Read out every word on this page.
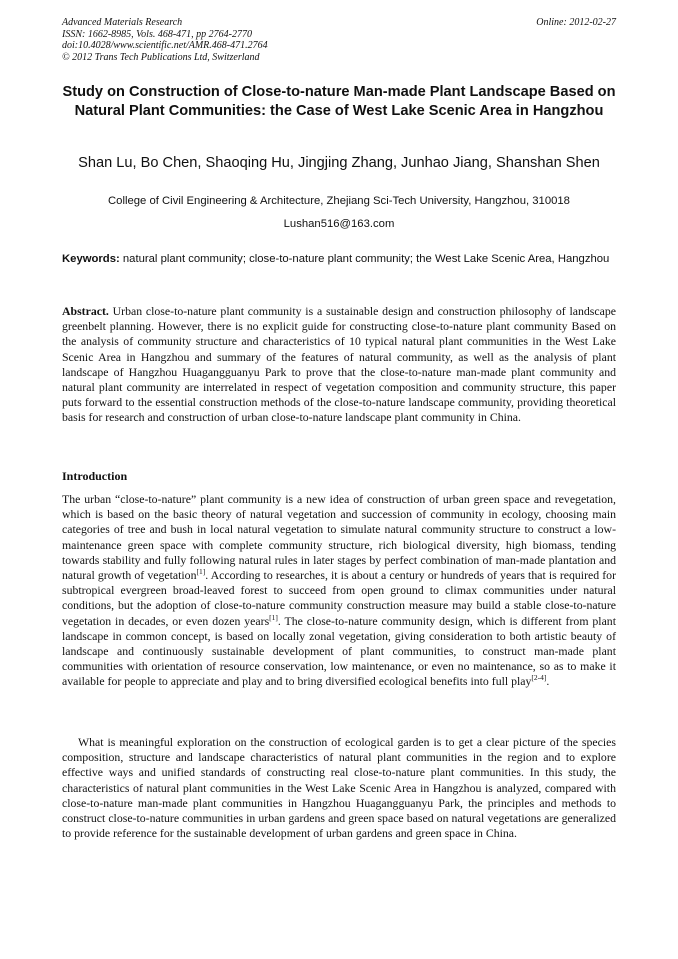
Advanced Materials Research
ISSN: 1662-8985, Vols. 468-471, pp 2764-2770
doi:10.4028/www.scientific.net/AMR.468-471.2764
© 2012 Trans Tech Publications Ltd, Switzerland
Online: 2012-02-27
Study on Construction of Close-to-nature Man-made Plant Landscape Based on Natural Plant Communities: the Case of West Lake Scenic Area in Hangzhou
Shan Lu, Bo Chen, Shaoqing Hu, Jingjing Zhang, Junhao Jiang, Shanshan Shen
College of Civil Engineering & Architecture, Zhejiang Sci-Tech University, Hangzhou, 310018
Lushan516@163.com
Keywords: natural plant community; close-to-nature plant community; the West Lake Scenic Area, Hangzhou
Abstract. Urban close-to-nature plant community is a sustainable design and construction philosophy of landscape greenbelt planning. However, there is no explicit guide for constructing close-to-nature plant community Based on the analysis of community structure and characteristics of 10 typical natural plant communities in the West Lake Scenic Area in Hangzhou and summary of the features of natural community, as well as the analysis of plant landscape of Hangzhou Huagangguanyu Park to prove that the close-to-nature man-made plant community and natural plant community are interrelated in respect of vegetation composition and community structure, this paper puts forward to the essential construction methods of the close-to-nature landscape community, providing theoretical basis for research and construction of urban close-to-nature landscape plant community in China.
Introduction

The urban “close-to-nature” plant community is a new idea of construction of urban green space and revegetation, which is based on the basic theory of natural vegetation and succession of community in ecology, choosing main categories of tree and bush in local natural vegetation to simulate natural community structure to construct a low-maintenance green space with complete community structure, rich biological diversity, high biomass, tending towards stability and fully following natural rules in later stages by perfect combination of man-made plantation and natural growth of vegetation[1]. According to researches, it is about a century or hundreds of years that is required for subtropical evergreen broad-leaved forest to succeed from open ground to climax communities under natural conditions, but the adoption of close-to-nature community construction measure may build a stable close-to-nature vegetation in decades, or even dozen years[1]. The close-to-nature community design, which is different from plant landscape in common concept, is based on locally zonal vegetation, giving consideration to both artistic beauty of landscape and continuously sustainable development of plant communities, to construct man-made plant communities with orientation of resource conservation, low maintenance, or even no maintenance, so as to make it available for people to appreciate and play and to bring diversified ecological benefits into full play[2-4].

What is meaningful exploration on the construction of ecological garden is to get a clear picture of the species composition, structure and landscape characteristics of natural plant communities in the region and to explore effective ways and unified standards of constructing real close-to-nature plant communities. In this study, the characteristics of natural plant communities in the West Lake Scenic Area in Hangzhou is analyzed, compared with close-to-nature man-made plant communities in Hangzhou Huagangguanyu Park, the principles and methods to construct close-to-nature communities in urban gardens and green space based on natural vegetations are generalized to provide reference for the sustainable development of urban gardens and green space in China.
